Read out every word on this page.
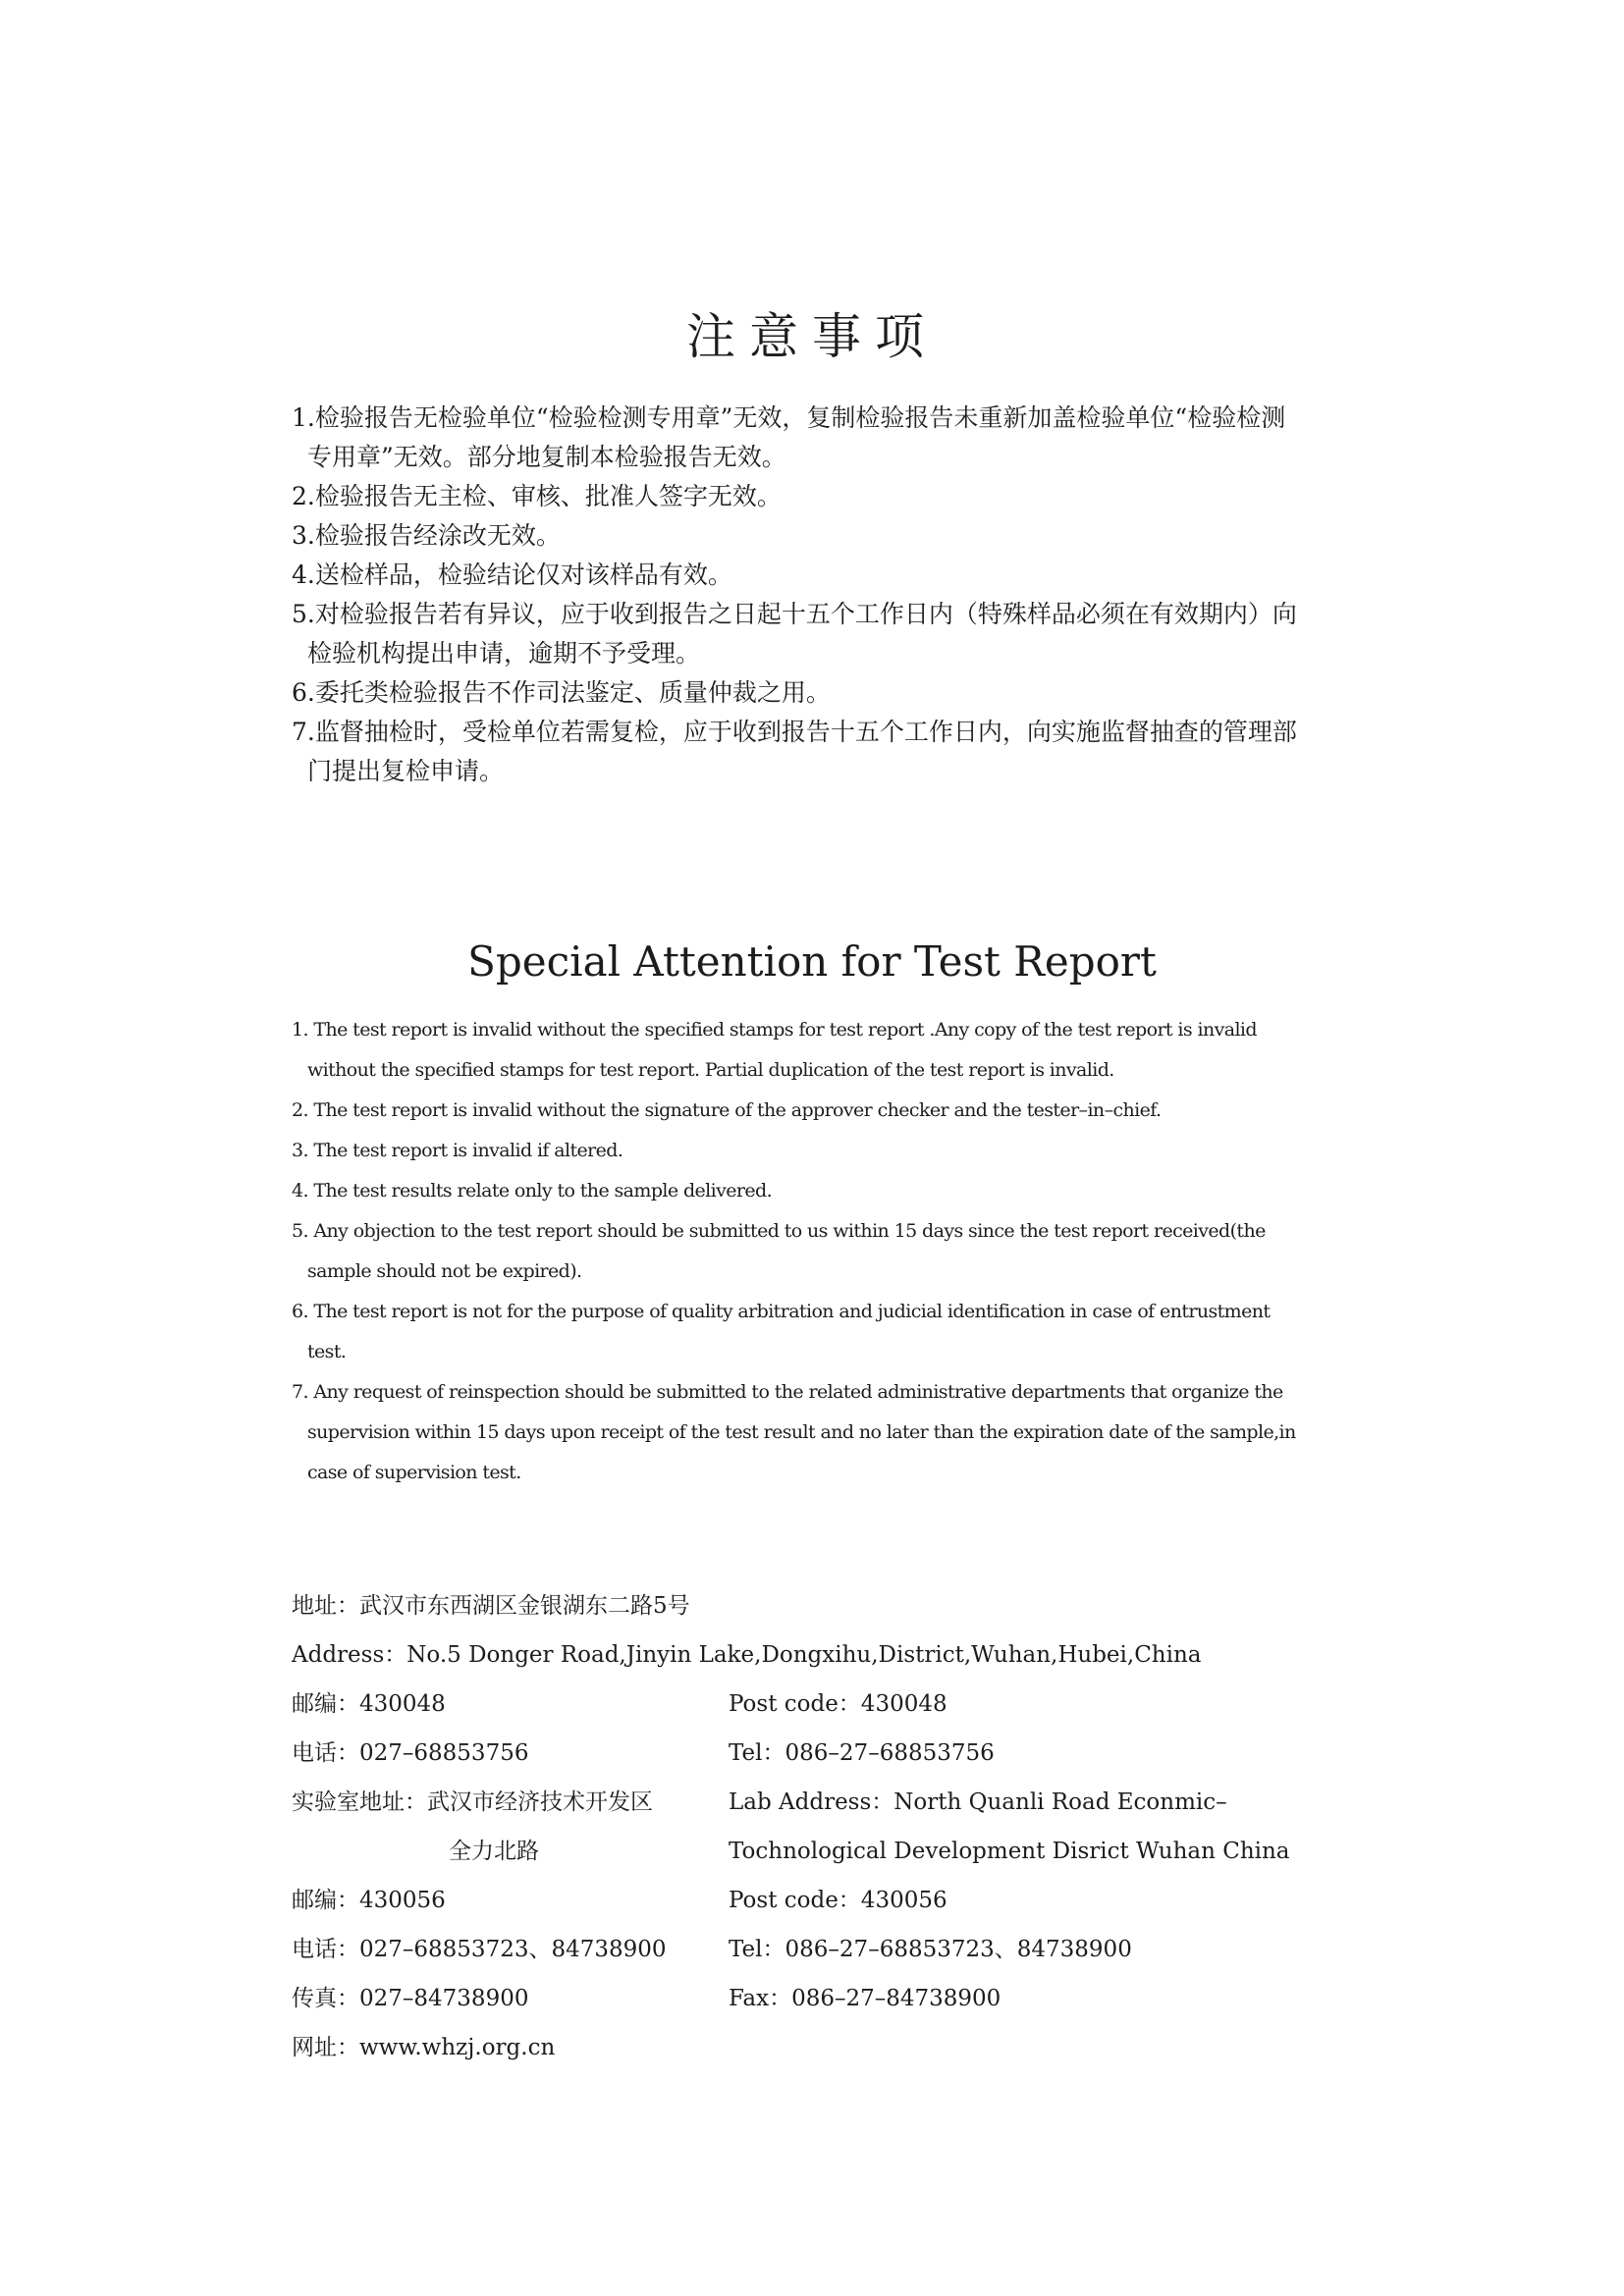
注意事项
1.检验报告无检验单位“检验检测专用章”无效，复制检验报告未重新加盖检验单位“检验检测专用章”无效。部分地复制本检验报告无效。
2.检验报告无主检、审核、批准人签字无效。
3.检验报告经涂改无效。
4.送检样品，检验结论仅对该样品有效。
5.对检验报告若有异议，应于收到报告之日起十五个工作日内（特殊样品必须在有效期内）向检验机构提出申请，逾期不予受理。
6.委托类检验报告不作司法鉴定、质量仲裁之用。
7.监督抽检时，受检单位若需复检，应于收到报告十五个工作日内，向实施监督抽查的管理部门提出复检申请。
Special Attention for Test Report
1. The test report is invalid without the specified stamps for test report .Any copy of the test report is invalid without the specified stamps for test report. Partial duplication of the test report is invalid.
2. The test report is invalid without the signature of the approver checker and the tester–in–chief.
3. The test report is invalid if altered.
4. The test results relate only to the sample delivered.
5. Any objection to the test report should be submitted to us within 15 days since the test report received(the sample should not be expired).
6. The test report is not for the purpose of quality arbitration and judicial identification in case of entrustment test.
7. Any request of reinspection should be submitted to the related administrative departments that organize the supervision within 15 days upon receipt of the test result and no later than the expiration date of the sample,in case of supervision test.
地址：武汉市东西湖区金银湖东二路5号
Address：No.5 Donger Road,Jinyin Lake,Dongxihu,District,Wuhan,Hubei,China
邮编：430048	Post code：430048
电话：027–68853756	Tel：086–27–68853756
实验室地址：武汉市经济技术开发区	Lab Address：North Quanli Road Econmic–
全力北路	Tochnological Development Disrict Wuhan China
邮编：430056	Post code：430056
电话：027–68853723、84738900	Tel：086–27–68853723、84738900
传真：027–84738900	Fax：086–27–84738900
网址：www.whzj.org.cn
